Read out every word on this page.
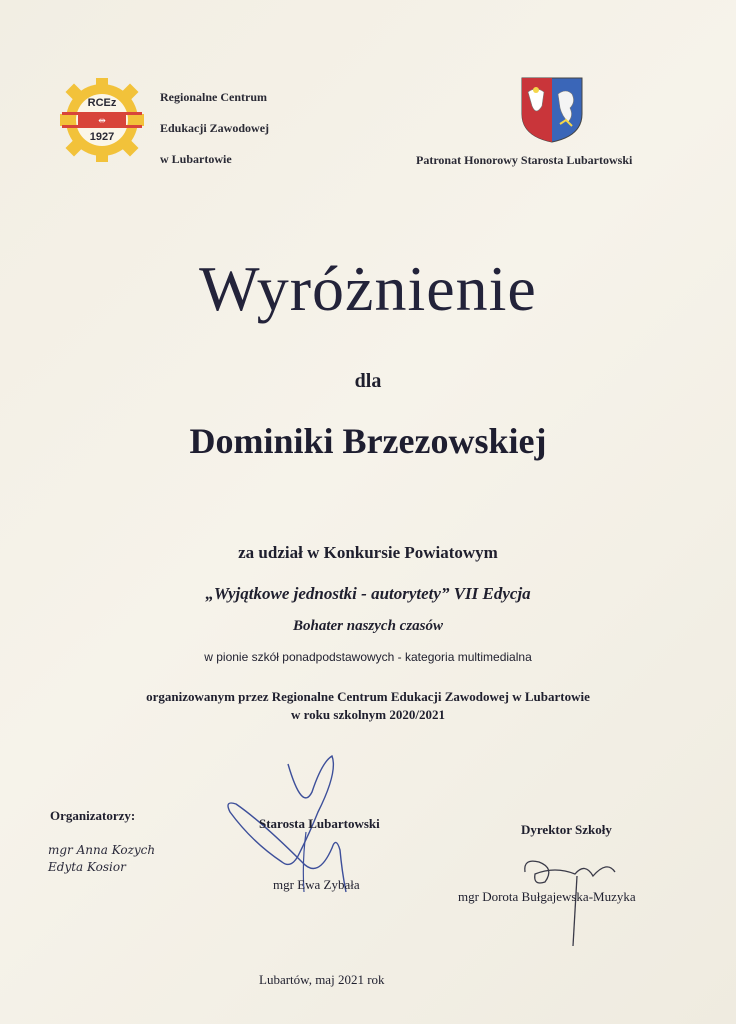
RCEz
⇹
1927
Regionalne Centrum
Edukacji Zawodowej
w Lubartowie	Patronat Honorowy Starosta Lubartowski
Wyróżnienie
dla
Dominiki Brzezowskiej
za udział w Konkursie Powiatowym
„Wyjątkowe jednostki - autorytety” VII Edycja
Bohater naszych czasów
w pionie szkół ponadpodstawowych - kategoria multimedialna
organizowanym przez Regionalne Centrum Edukacji Zawodowej w Lubartowie
w roku szkolnym 2020/2021
Organizatorzy:
mgr Anna Kozych
Edyta Kosior
Starosta Lubartowski
mgr Ewa Zybała
Dyrektor Szkoły
mgr Dorota Bułgajewska-Muzyka
Lubartów, maj 2021 rok
